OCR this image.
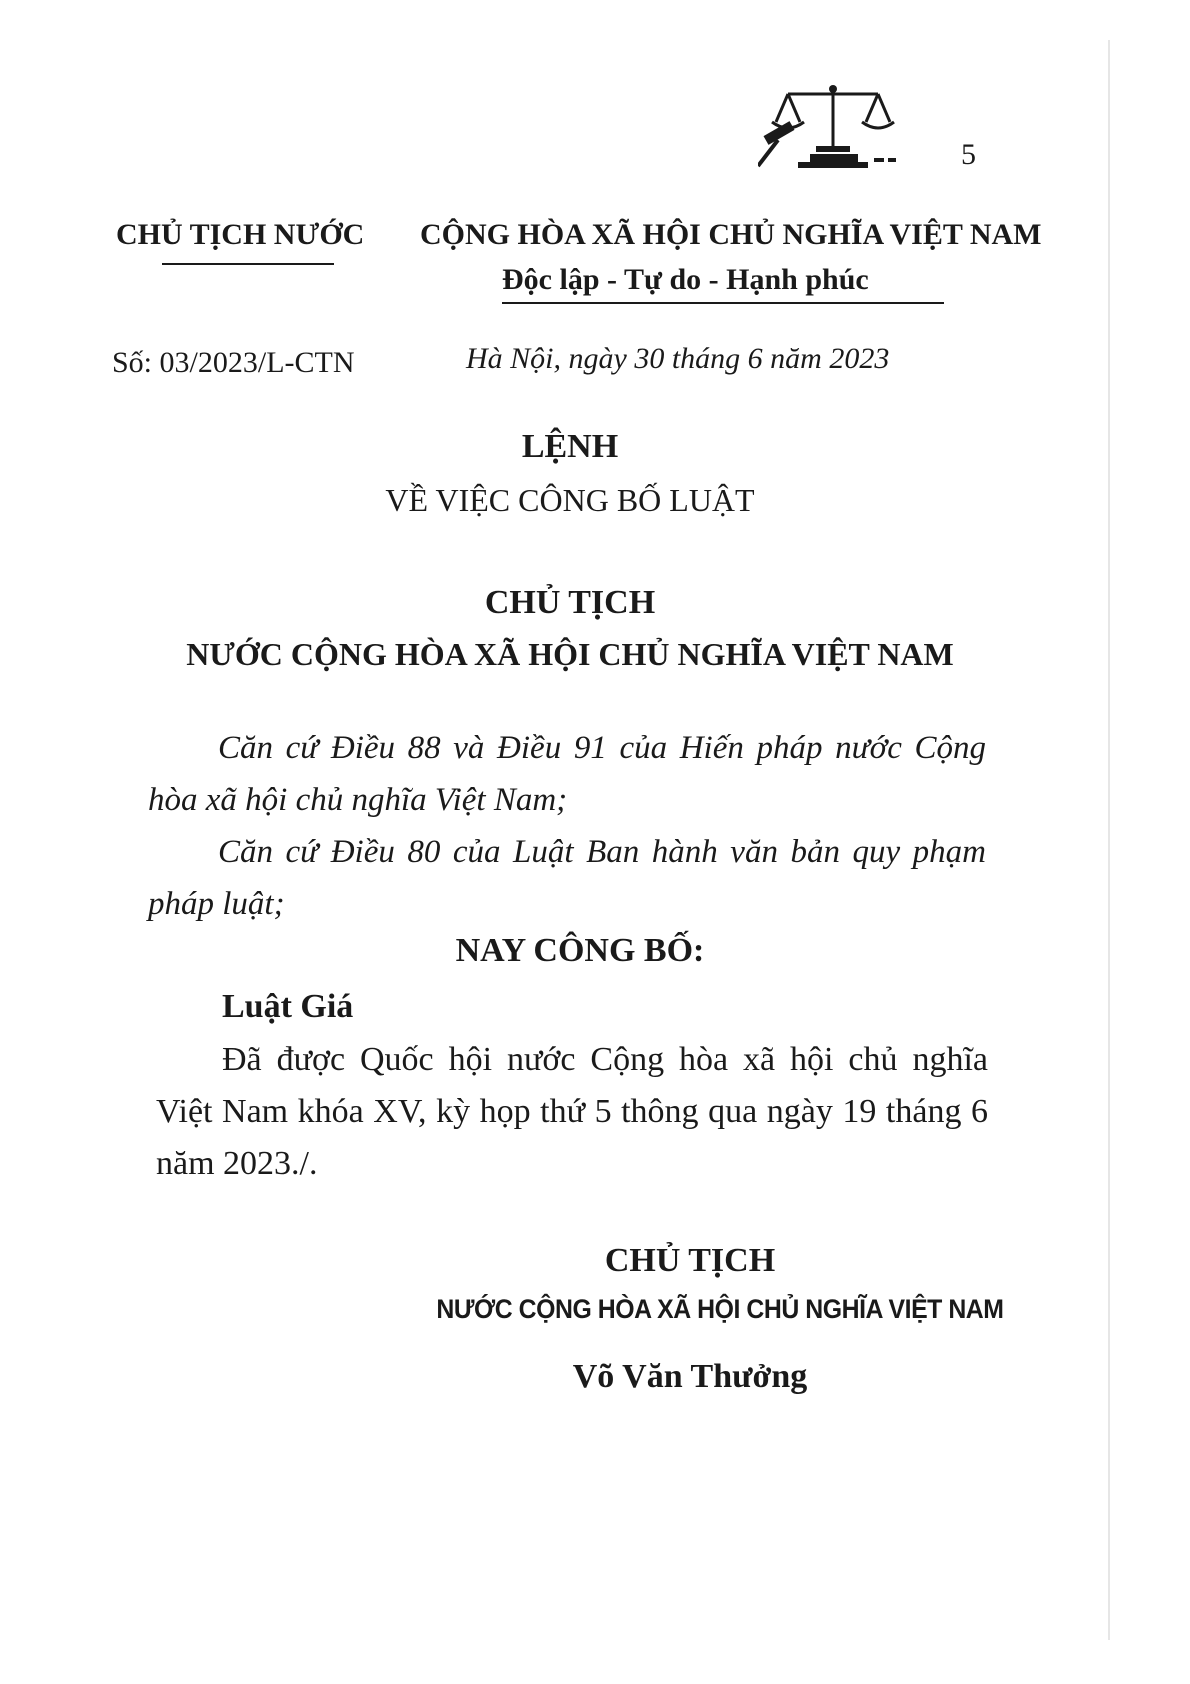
5
CHỦ TỊCH NƯỚC CỘNG HÒA XÃ HỘI CHỦ NGHĨA VIỆT NAM
Độc lập - Tự do - Hạnh phúc
Số: 03/2023/L-CTN	Hà Nội, ngày 30 tháng 6 năm 2023
LỆNH
VỀ VIỆC CÔNG BỐ LUẬT
CHỦ TỊCH
NƯỚC CỘNG HÒA XÃ HỘI CHỦ NGHĨA VIỆT NAM
Căn cứ Điều 88 và Điều 91 của Hiến pháp nước Cộng hòa xã hội chủ nghĩa Việt Nam;
Căn cứ Điều 80 của Luật Ban hành văn bản quy phạm pháp luật;
NAY CÔNG BỐ:
Luật Giá
Đã được Quốc hội nước Cộng hòa xã hội chủ nghĩa Việt Nam khóa XV, kỳ họp thứ 5 thông qua ngày 19 tháng 6 năm 2023./.
CHỦ TỊCH
NƯỚC CỘNG HÒA XÃ HỘI CHỦ NGHĨA VIỆT NAM
Võ Văn Thưởng
